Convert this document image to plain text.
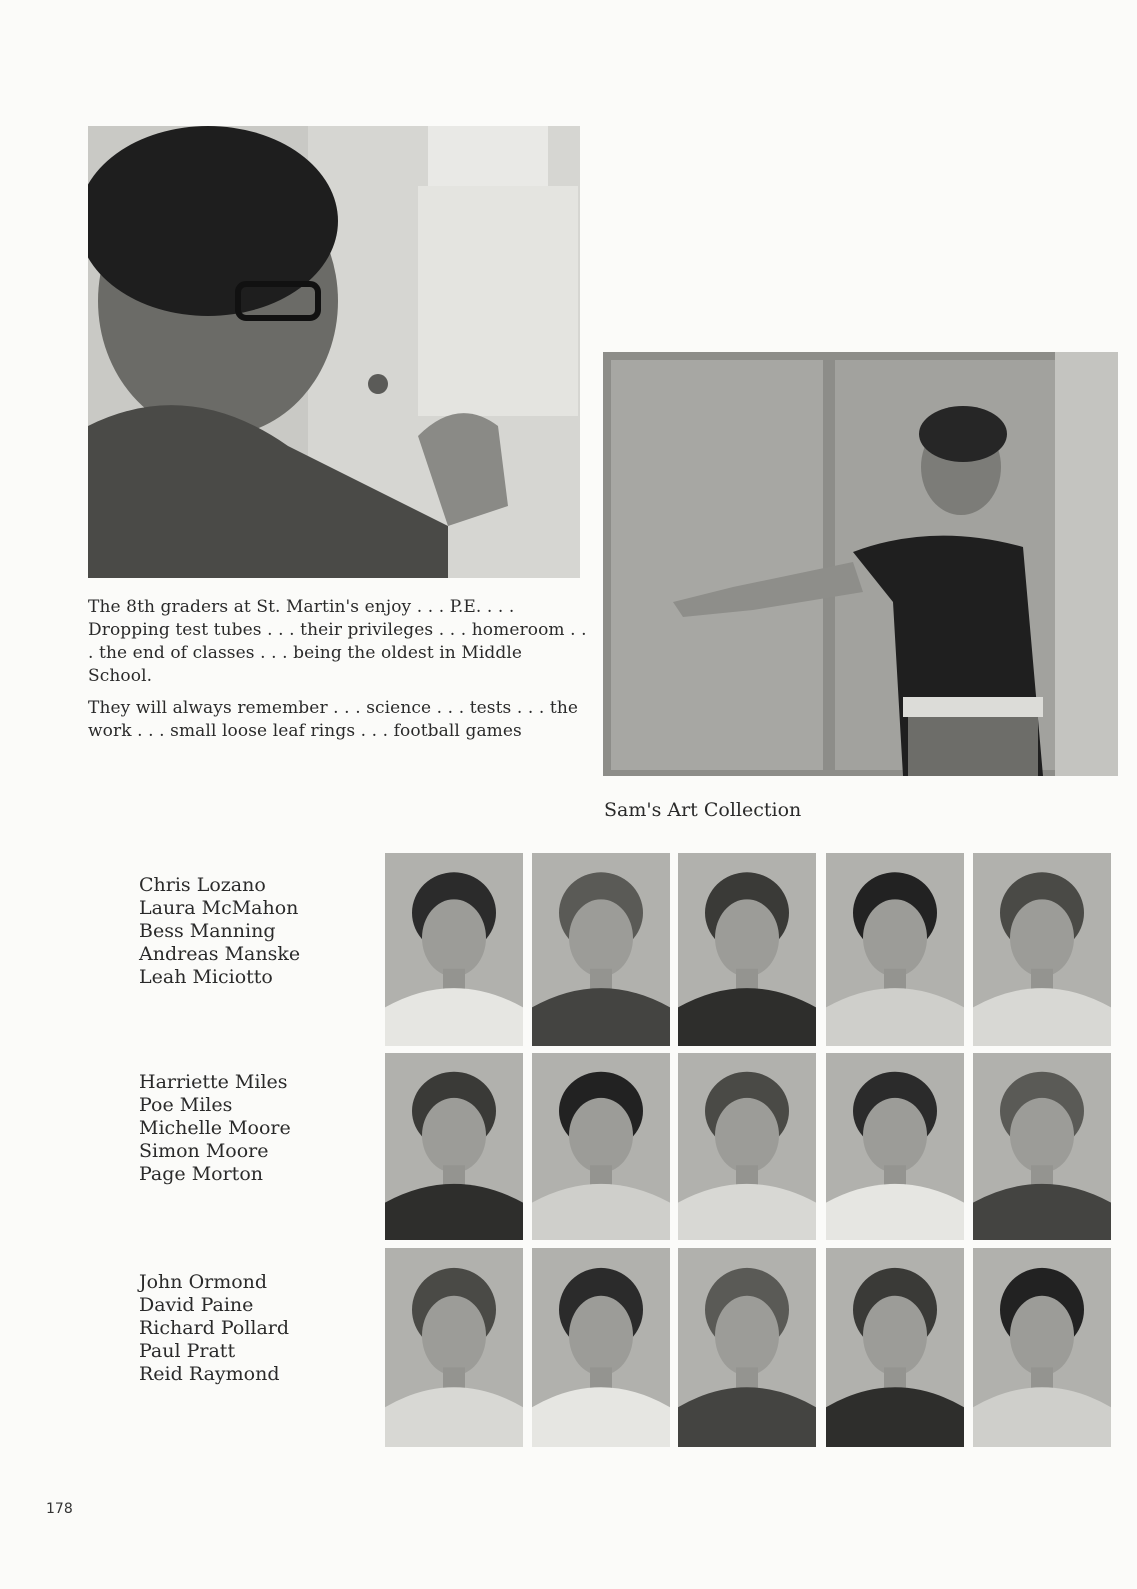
The 8th graders at St. Martin's enjoy . . . P.E. . . . Dropping test tubes . . . their privileges . . . homeroom . . . the end of classes . . . being the oldest in Middle School.

They will always remember . . . science . . . tests . . . the work . . . small loose leaf rings . . . football games

Sam's Art Collection
Chris Lozano
Laura McMahon
Bess Manning
Andreas Manske
Leah Miciotto
Harriette Miles
Poe Miles
Michelle Moore
Simon Moore
Page Morton
John Ormond
David Paine
Richard Pollard
Paul Pratt
Reid Raymond
178
